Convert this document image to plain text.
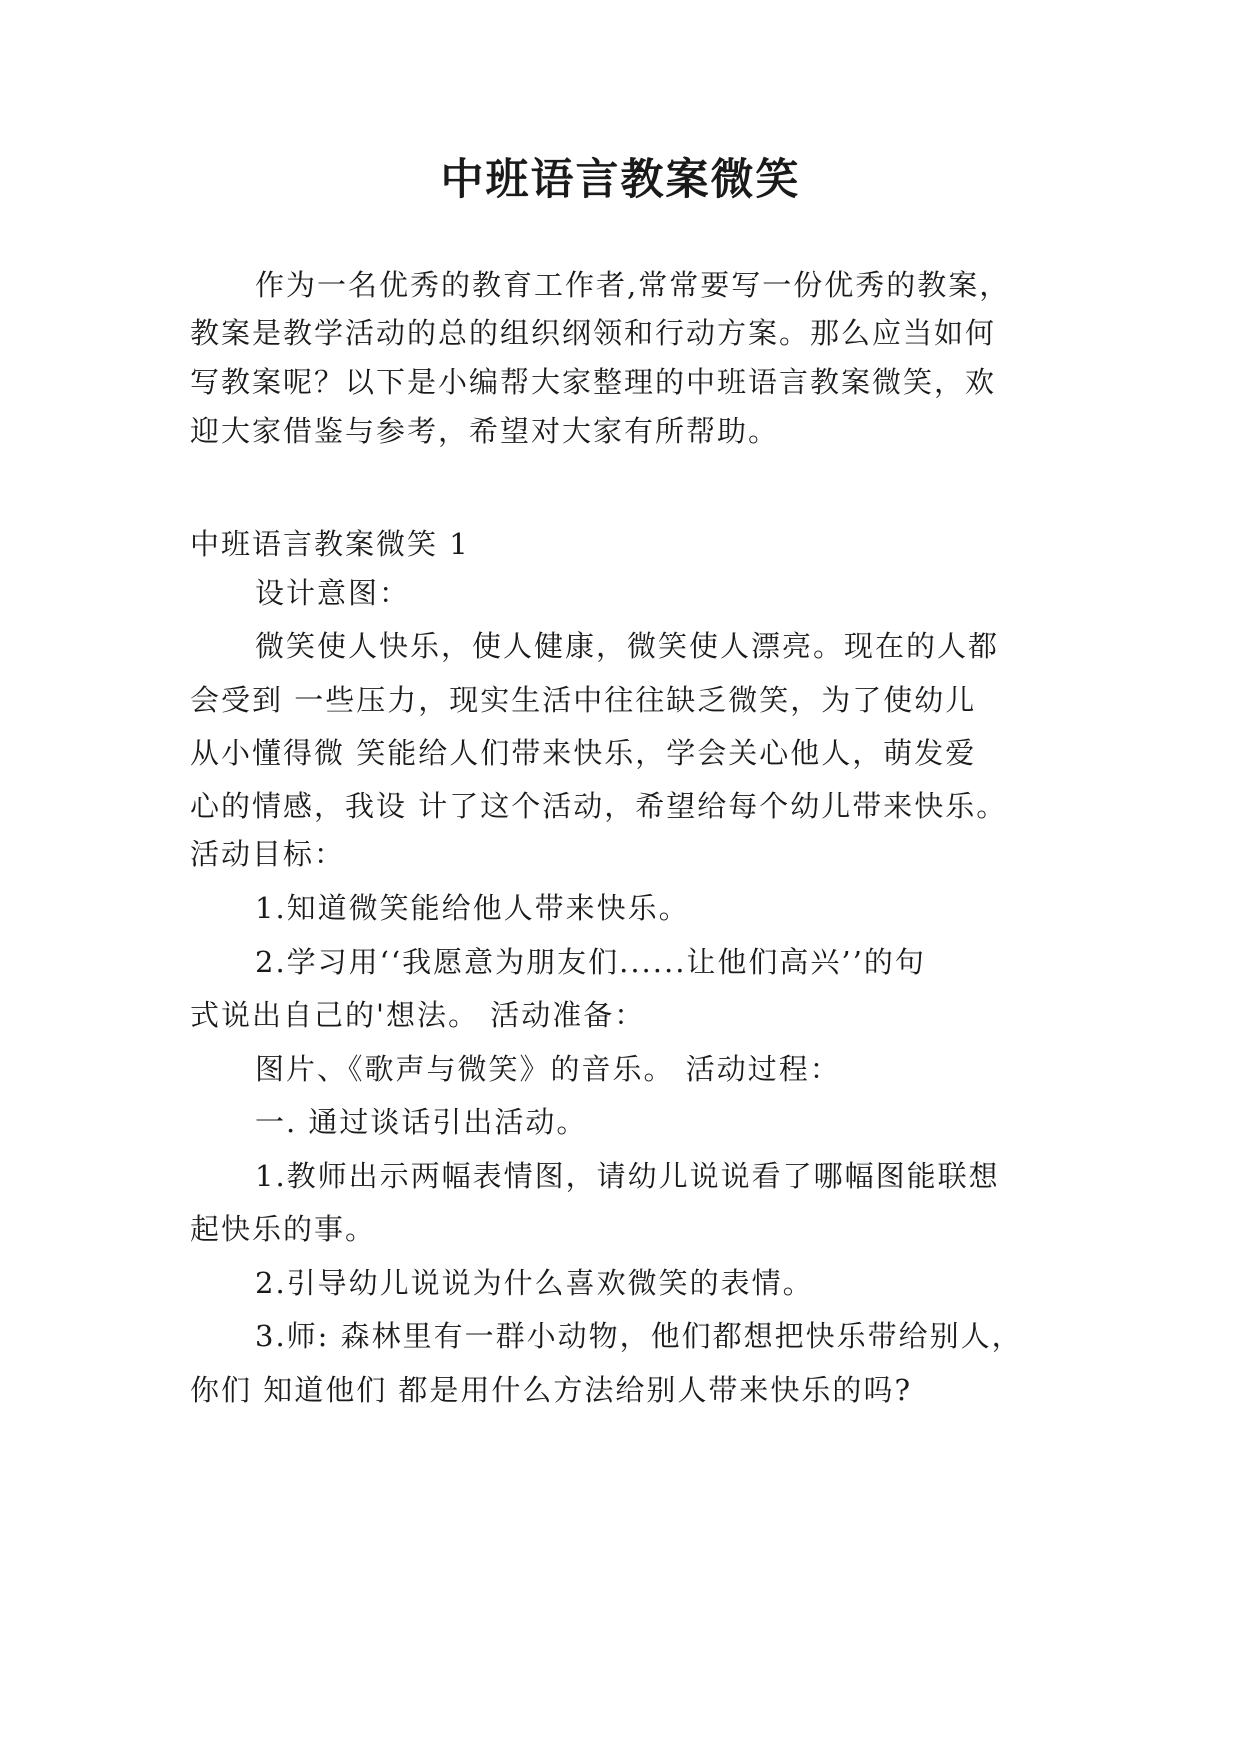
中班语言教案微笑
作为一名优秀的教育工作者,常常要写一份优秀的教案，
教案是教学活动的总的组织纲领和行动方案。那么应当如何
写教案呢？以下是小编帮大家整理的中班语言教案微笑，欢
迎大家借鉴与参考，希望对大家有所帮助。
中班语言教案微笑 1
设计意图：
微笑使人快乐，使人健康，微笑使人漂亮。现在的人都
会受到 一些压力，现实生活中往往缺乏微笑，为了使幼儿
从小懂得微 笑能给人们带来快乐，学会关心他人，萌发爱
心的情感，我设 计了这个活动，希望给每个幼儿带来快乐。
活动目标：
1.知道微笑能给他人带来快乐。
2.学习用‘‘我愿意为朋友们......让他们高兴’’的句
式说出自己的'想法。 活动准备：
图片、《歌声与微笑》的音乐。 活动过程：
一. 通过谈话引出活动。
1.教师出示两幅表情图，请幼儿说说看了哪幅图能联想
起快乐的事。
2.引导幼儿说说为什么喜欢微笑的表情。
3.师: 森林里有一群小动物，他们都想把快乐带给别人，
你们 知道他们 都是用什么方法给别人带来快乐的吗?
